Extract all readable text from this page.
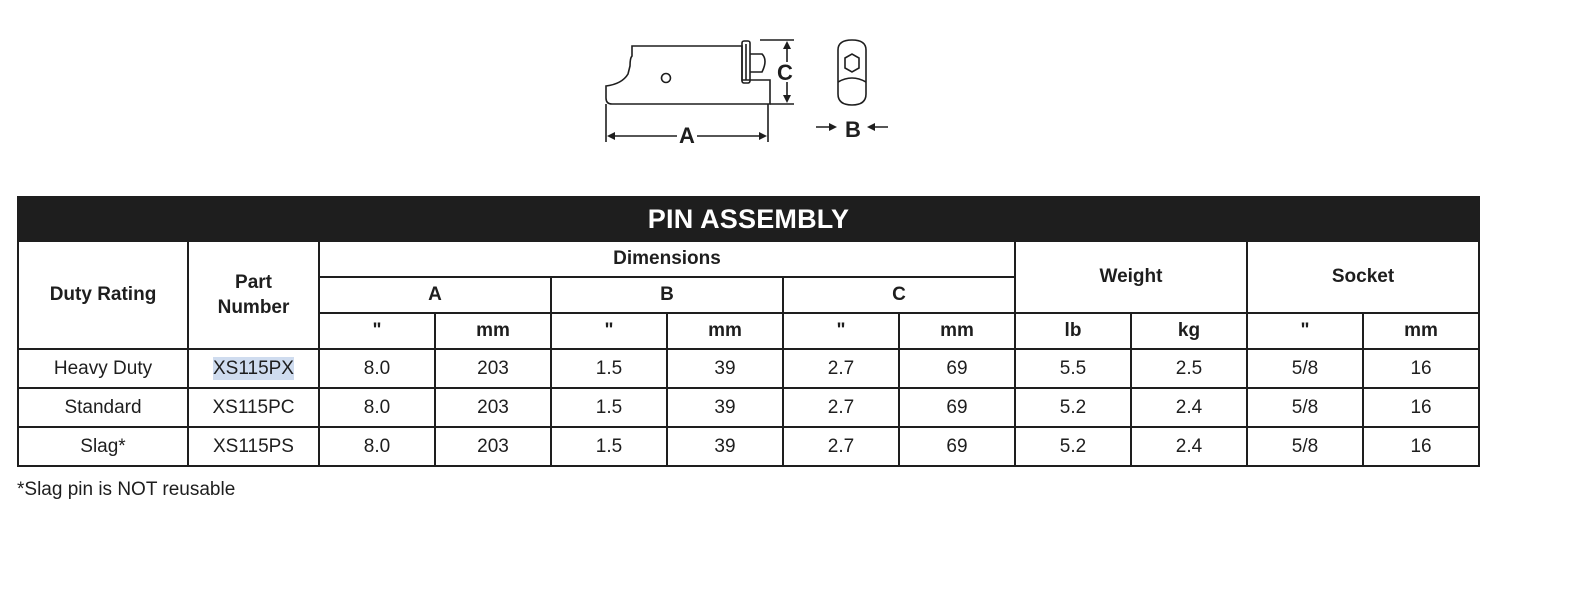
A
C
B
PIN ASSEMBLY											
Duty Rating	Part Number	Dimensions						Weight		Socket	
		A		B		C					
		"	mm	"	mm	"	mm	lb	kg	"	mm
Heavy Duty	XS115PX	8.0	203	1.5	39	2.7	69	5.5	2.5	5/8	16
Standard	XS115PC	8.0	203	1.5	39	2.7	69	5.2	2.4	5/8	16
Slag*	XS115PS	8.0	203	1.5	39	2.7	69	5.2	2.4	5/8	16
*Slag pin is NOT reusable
